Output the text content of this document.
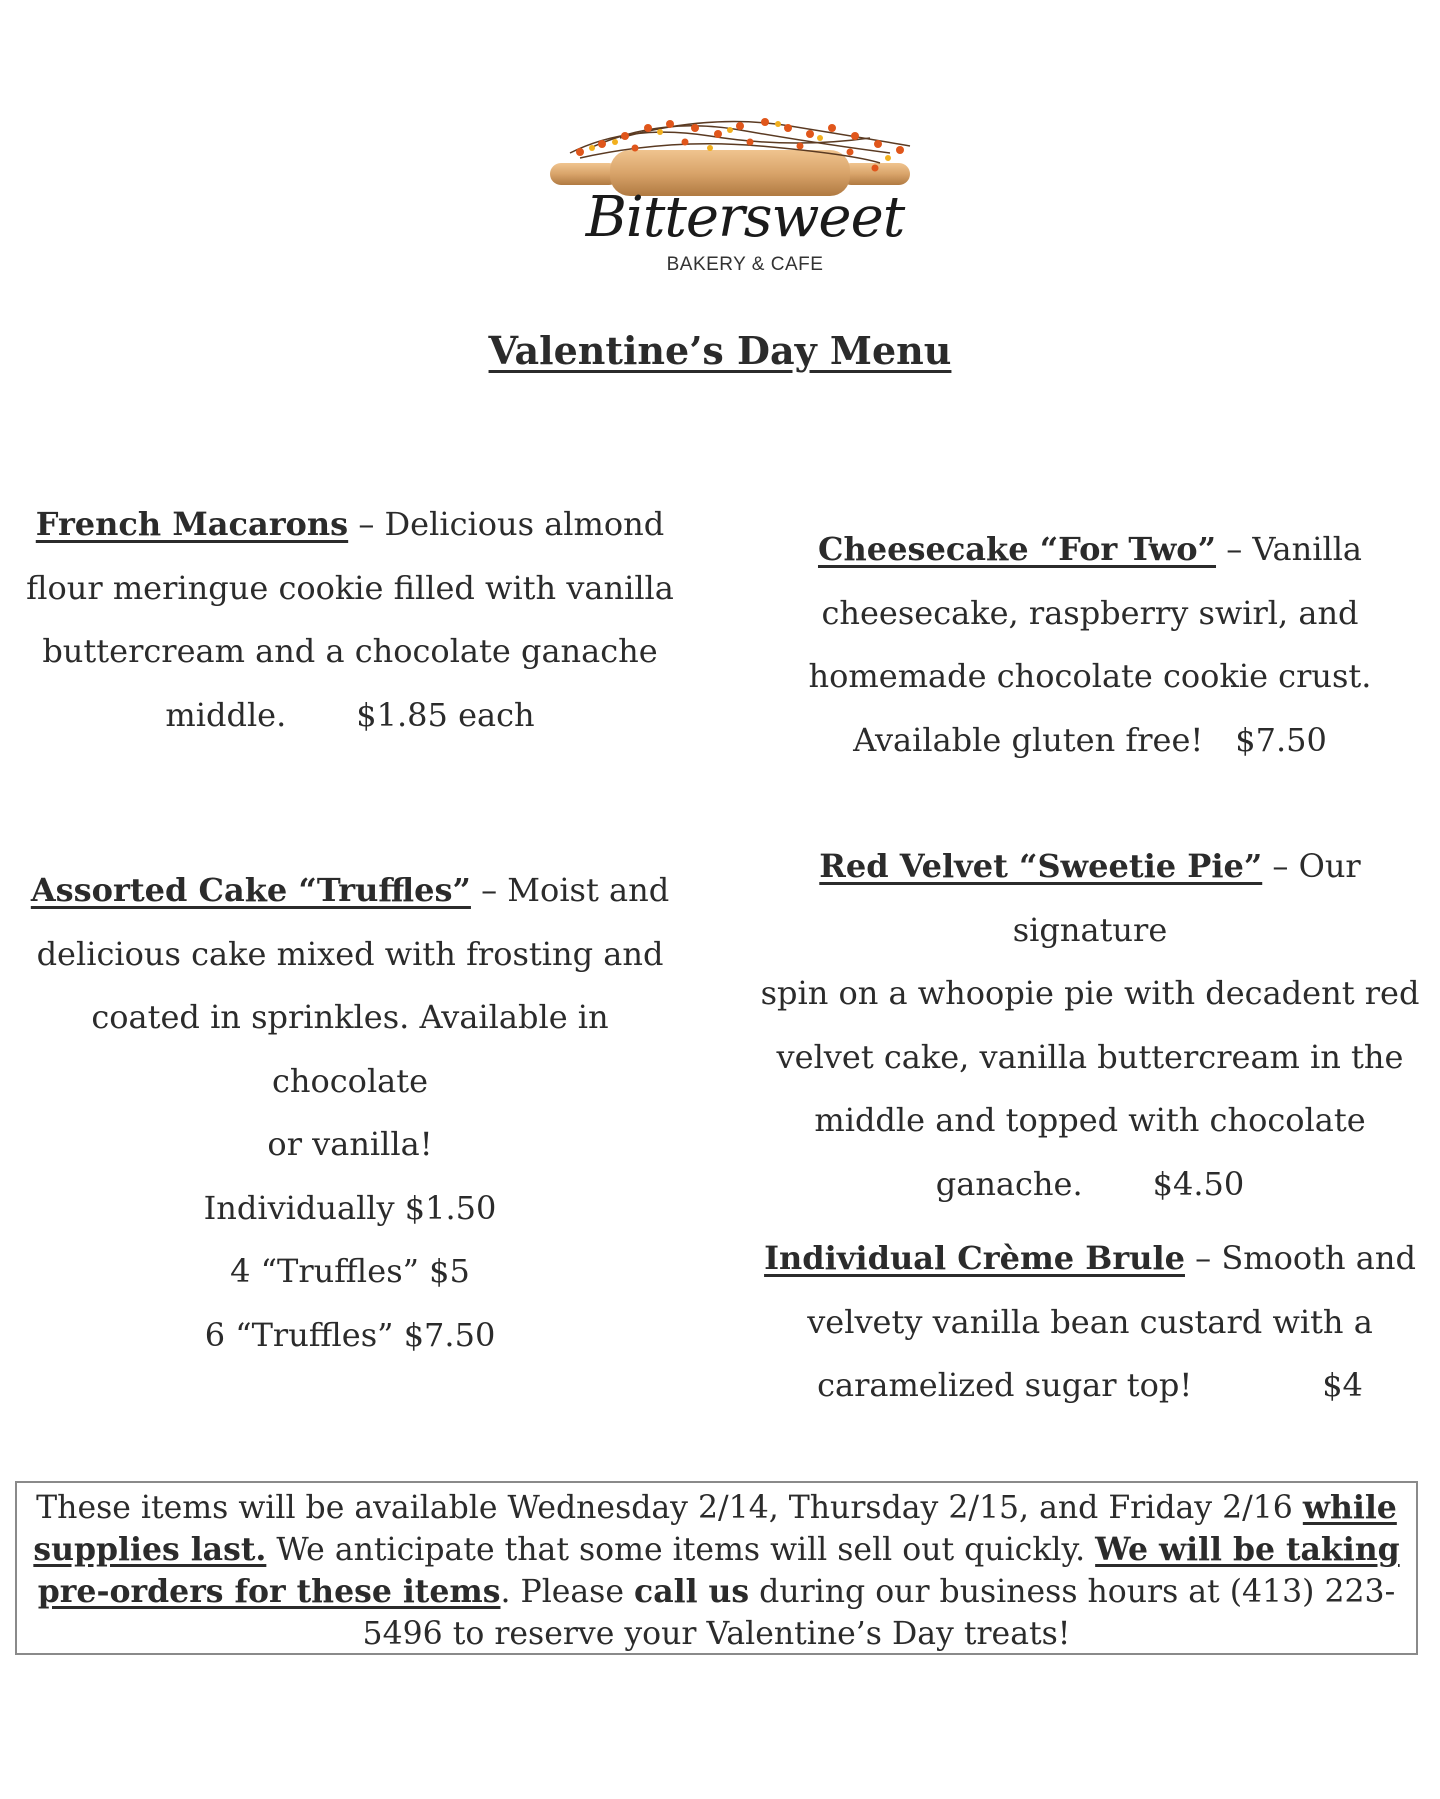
Bittersweet
BAKERY & CAFE
Valentine’s Day Menu
French Macarons – Delicious almond
flour meringue cookie filled with vanilla
buttercream and a chocolate ganache
middle. $1.85 each
Cheesecake “For Two” – Vanilla
cheesecake, raspberry swirl, and
homemade chocolate cookie crust.
Available gluten free! $7.50
Assorted Cake “Truffles” – Moist and
delicious cake mixed with frosting and
coated in sprinkles. Available in chocolate
or vanilla!
Individually $1.50
4 “Truffles” $5
6 “Truffles” $7.50
Red Velvet “Sweetie Pie” – Our signature
spin on a whoopie pie with decadent red
velvet cake, vanilla buttercream in the
middle and topped with chocolate
ganache. $4.50
Individual Crème Brule – Smooth and
velvety vanilla bean custard with a
caramelized sugar top!	$4
These items will be available Wednesday 2/14, Thursday 2/15, and Friday 2/16 while supplies last. We anticipate that some items will sell out quickly. We will be taking pre-orders for these items. Please call us during our business hours at (413) 223-5496 to reserve your Valentine’s Day treats!
